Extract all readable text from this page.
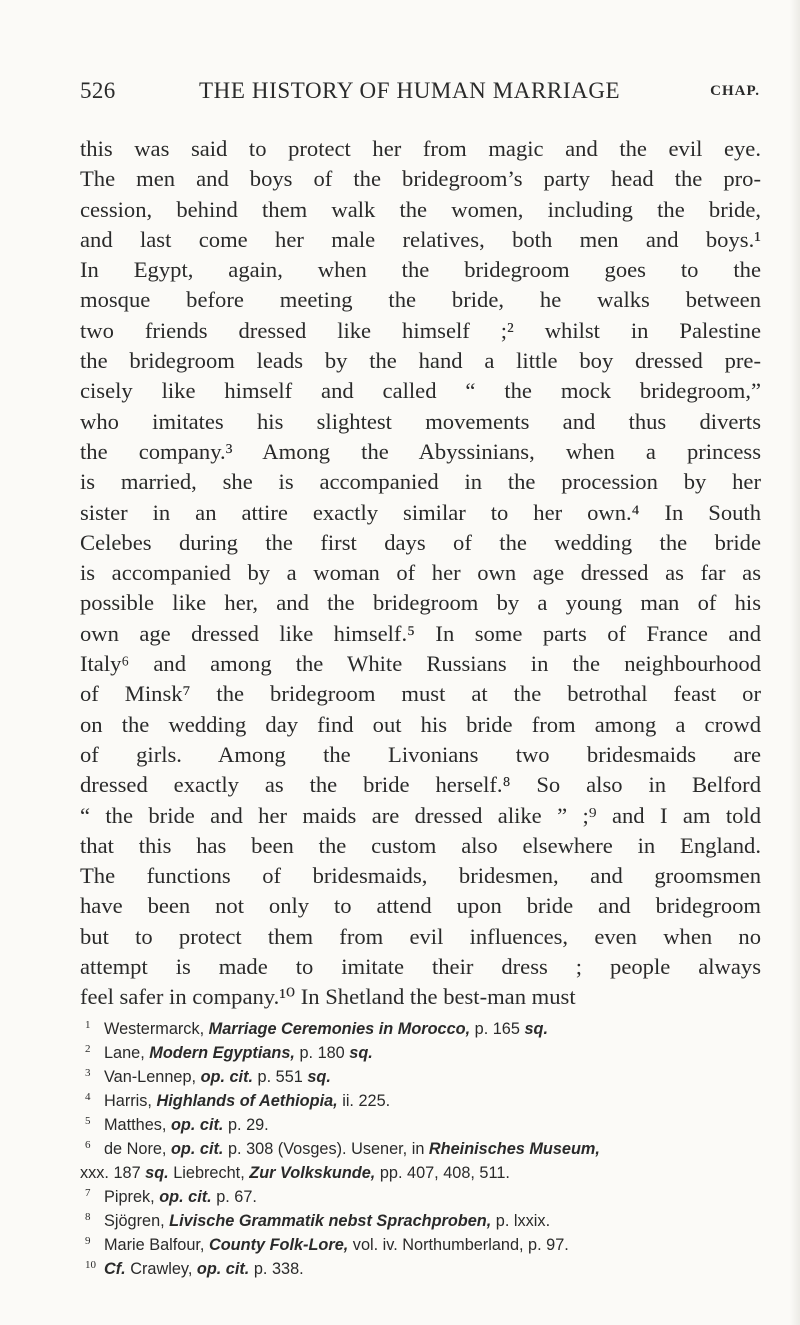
526	THE HISTORY OF HUMAN MARRIAGE	CHAP.
this was said to protect her from magic and the evil eye.
The men and boys of the bridegroom’s party head the pro-
cession, behind them walk the women, including the bride,
and last come her male relatives, both men and boys.¹
In Egypt, again, when the bridegroom goes to the
mosque before meeting the bride, he walks between
two friends dressed like himself ;² whilst in Palestine
the bridegroom leads by the hand a little boy dressed pre-
cisely like himself and called “ the mock bridegroom,”
who imitates his slightest movements and thus diverts
the company.³ Among the Abyssinians, when a princess
is married, she is accompanied in the procession by her
sister in an attire exactly similar to her own.⁴ In South
Celebes during the first days of the wedding the bride
is accompanied by a woman of her own age dressed as far as
possible like her, and the bridegroom by a young man of his
own age dressed like himself.⁵ In some parts of France and
Italy⁶ and among the White Russians in the neighbourhood
of Minsk⁷ the bridegroom must at the betrothal feast or
on the wedding day find out his bride from among a crowd
of girls. Among the Livonians two bridesmaids are
dressed exactly as the bride herself.⁸ So also in Belford
“ the bride and her maids are dressed alike ” ;⁹ and I am told
that this has been the custom also elsewhere in England.
The functions of bridesmaids, bridesmen, and groomsmen
have been not only to attend upon bride and bridegroom
but to protect them from evil influences, even when no
attempt is made to imitate their dress ; people always
feel safer in company.¹⁰ In Shetland the best-man must
1 Westermarck, Marriage Ceremonies in Morocco, p. 165 sq.
2 Lane, Modern Egyptians, p. 180 sq.
3 Van-Lennep, op. cit. p. 551 sq.
4 Harris, Highlands of Aethiopia, ii. 225.
5 Matthes, op. cit. p. 29.
6 de Nore, op. cit. p. 308 (Vosges). Usener, in Rheinisches Museum,
xxx. 187 sq. Liebrecht, Zur Volkskunde, pp. 407, 408, 511.
7 Piprek, op. cit. p. 67.
8 Sjögren, Livische Grammatik nebst Sprachproben, p. lxxix.
9 Marie Balfour, County Folk-Lore, vol. iv. Northumberland, p. 97.
10 Cf. Crawley, op. cit. p. 338.
